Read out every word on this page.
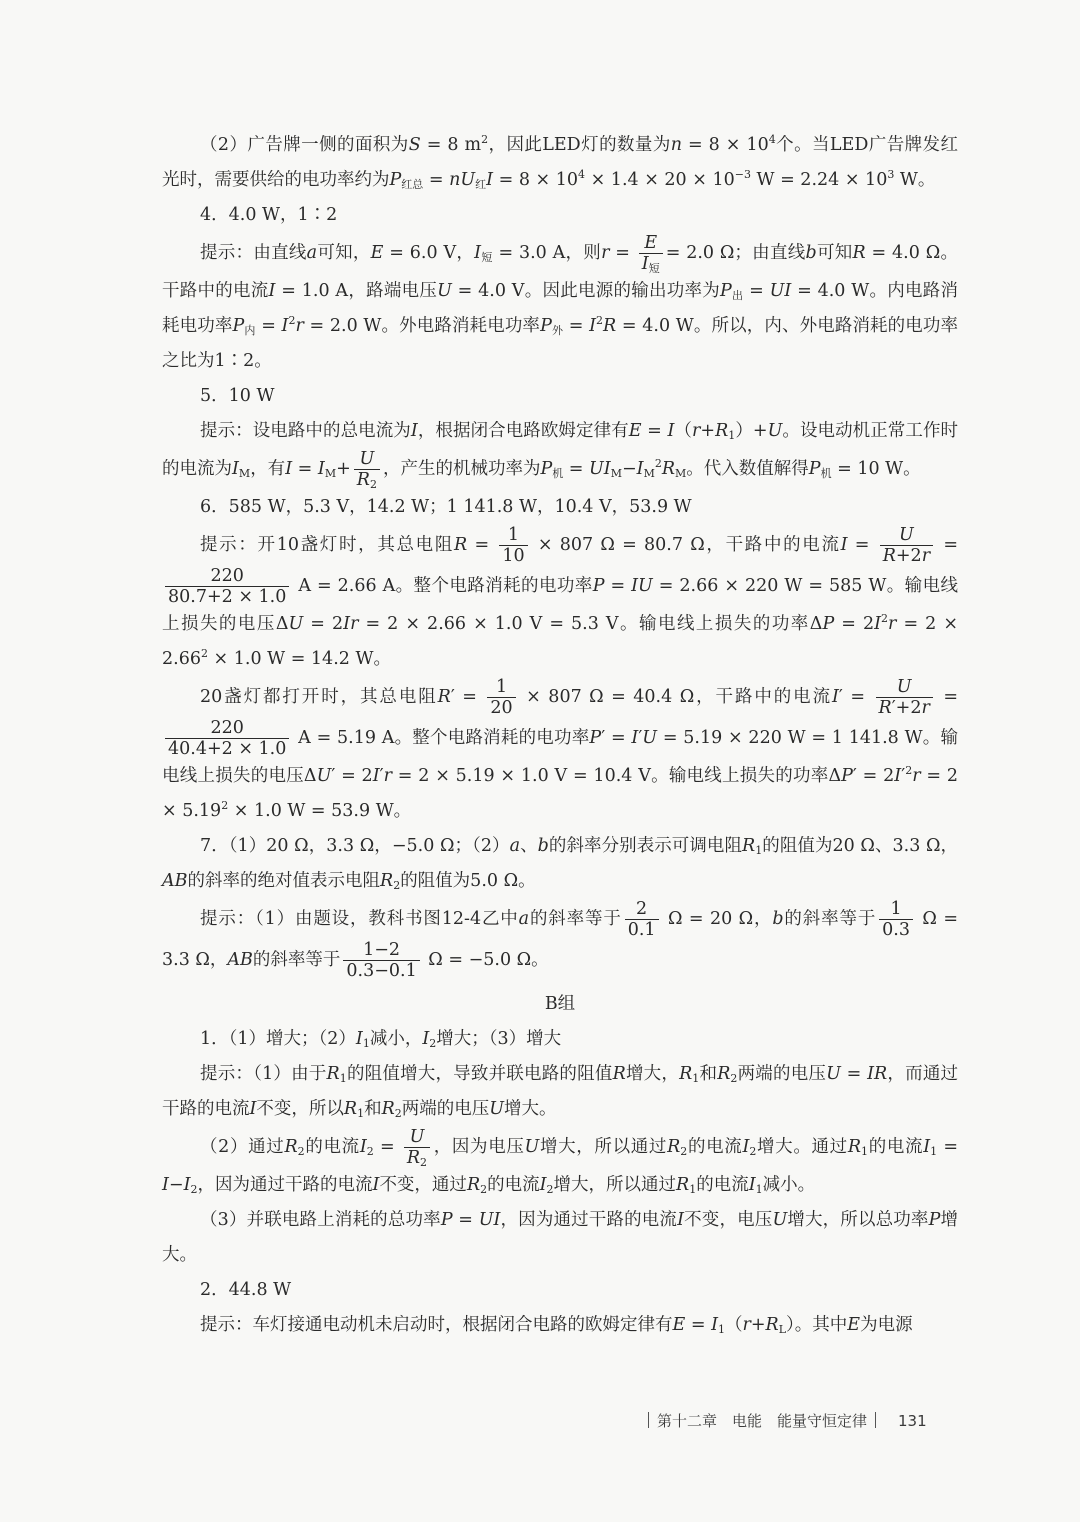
（2）广告牌一侧的面积为S = 8 $m^2$，因此LED灯的数量为$n = 8 \times 10^4$个。当LED广告牌发红光时，需要供给的电功率约为$P_{红总} = nU_红I = 8 \times 10^4 \times 1.4 \times 20 \times 10^{-3}$ $W = 2.24 \times 10^3$ W。

4．4.0 W，1∶2

提示：由直线a可知，E = 6.0 V，$I_短 = 3.0$ A，则$r = \frac{E}{I_短} = 2.0$ Ω；由直线b可知R = 4.0 Ω。干路中的电流I = 1.0 A，路端电压U = 4.0 V。因此电源的输出功率为$P_出$ = UI = 4.0 W。内电路消耗电功率$P_内 = I^2r = 2.0$ W。外电路消耗电功率$P_外 = I^2R = 4.0$ W。所以，内、外电路消耗的电功率之比为1∶2。

5．10 W

提示：设电路中的总电流为I，根据闭合电路欧姆定律有$E = I(r+R_1)+U$。设电动机正常工作时的电流为$I_M$，有$I = I_M+ \frac{U}{R_2}$ ，产生的机械功率为$P_机 = UI_M-I_M^2R_M$。代入数值解得$P_机 = 10$ W。

6．585 W，5.3 V，14.2 W；1 141.8 W，10.4 V，53.9 W

提示：开10盏灯时，其总电阻$R = \frac{1}{10} \times 807$ Ω = 80.7 Ω，干路中的电流$I = \frac{U}{R+2r}$ =
$\frac{220}{80.7+2 \times 1.0}$ A = 2.66 A。整个电路消耗的电功率P = IU = 2.66 × 220 W = 585 W。输电线上损失的电压ΔU = 2Ir = 2 × 2.66 × 1.0 V = 5.3 V。输电线上损失的功率$\Delta P = 2I^2r = 2 \times 2.66^2 \times 1.0$ W = 14.2 W。

20盏灯都打开时，其总电阻$R' = \frac{1}{20} \times 807$ Ω = 40.4 Ω，干路中的电流$I' = \frac{U}{R'+2r}$ =
$\frac{220}{40.4+2 \times 1.0}$ A = 5.19 A。整个电路消耗的电功率P′ = I′U = 5.19 × 220 W = 1 141.8 W。输电线上损失的电压ΔU′ = 2I′r = 2 × 5.19 × 1.0 V = 10.4 V。输电线上损失的功率$\Delta P' = 2I'^2r = 2 \times 5.19^2 \times 1.0$ W = 53.9 W。

7．（1）20 Ω，3.3 Ω，−5.0 Ω；（2）a、b的斜率分别表示可调电阻$R_1$的阻值为20 Ω、3.3 Ω，AB的斜率的绝对值表示电阻$R_2$的阻值为5.0 Ω。

提示：（1）由题设，教科书图12-4乙中a的斜率等于 $\frac{2}{0.1}$ Ω = 20 Ω，b的斜率等于 $\frac{1}{0.3}$ Ω = 3.3 Ω，AB的斜率等于 $\frac{1-2}{0.3-0.1}$ Ω = −5.0 Ω。

B组

1．（1）增大；$(2)I_1$减小，$I_2$增大；（3）增大

提示：（1）由于$R_1$的阻值增大，导致并联电路的阻值R增大，$R_1$和$R_2$两端的电压U = IR，而通过干路的电流I不变，所以$R_1$和$R_2$两端的电压U增大。

（2）通过$R_2$的电流$I_2 = \frac{U}{R_2}$ ，因为电压U增大，所以通过$R_2$的电流$I_2$增大。通过$R_1$的电流$I_1 = I-I_2$，因为通过干路的电流I不变，通过$R_2$的电流$I_2$增大，所以通过$R_1$的电流$I_1$减小。

（3）并联电路上消耗的总功率P = UI，因为通过干路的电流I不变，电压U增大，所以总功率P增大。

2．44.8 W

提示：车灯接通电动机未启动时，根据闭合电路的欧姆定律有$E = I_1(r+R_L)$。其中E为电源

第十二章　电能　能量守恒定律 131
